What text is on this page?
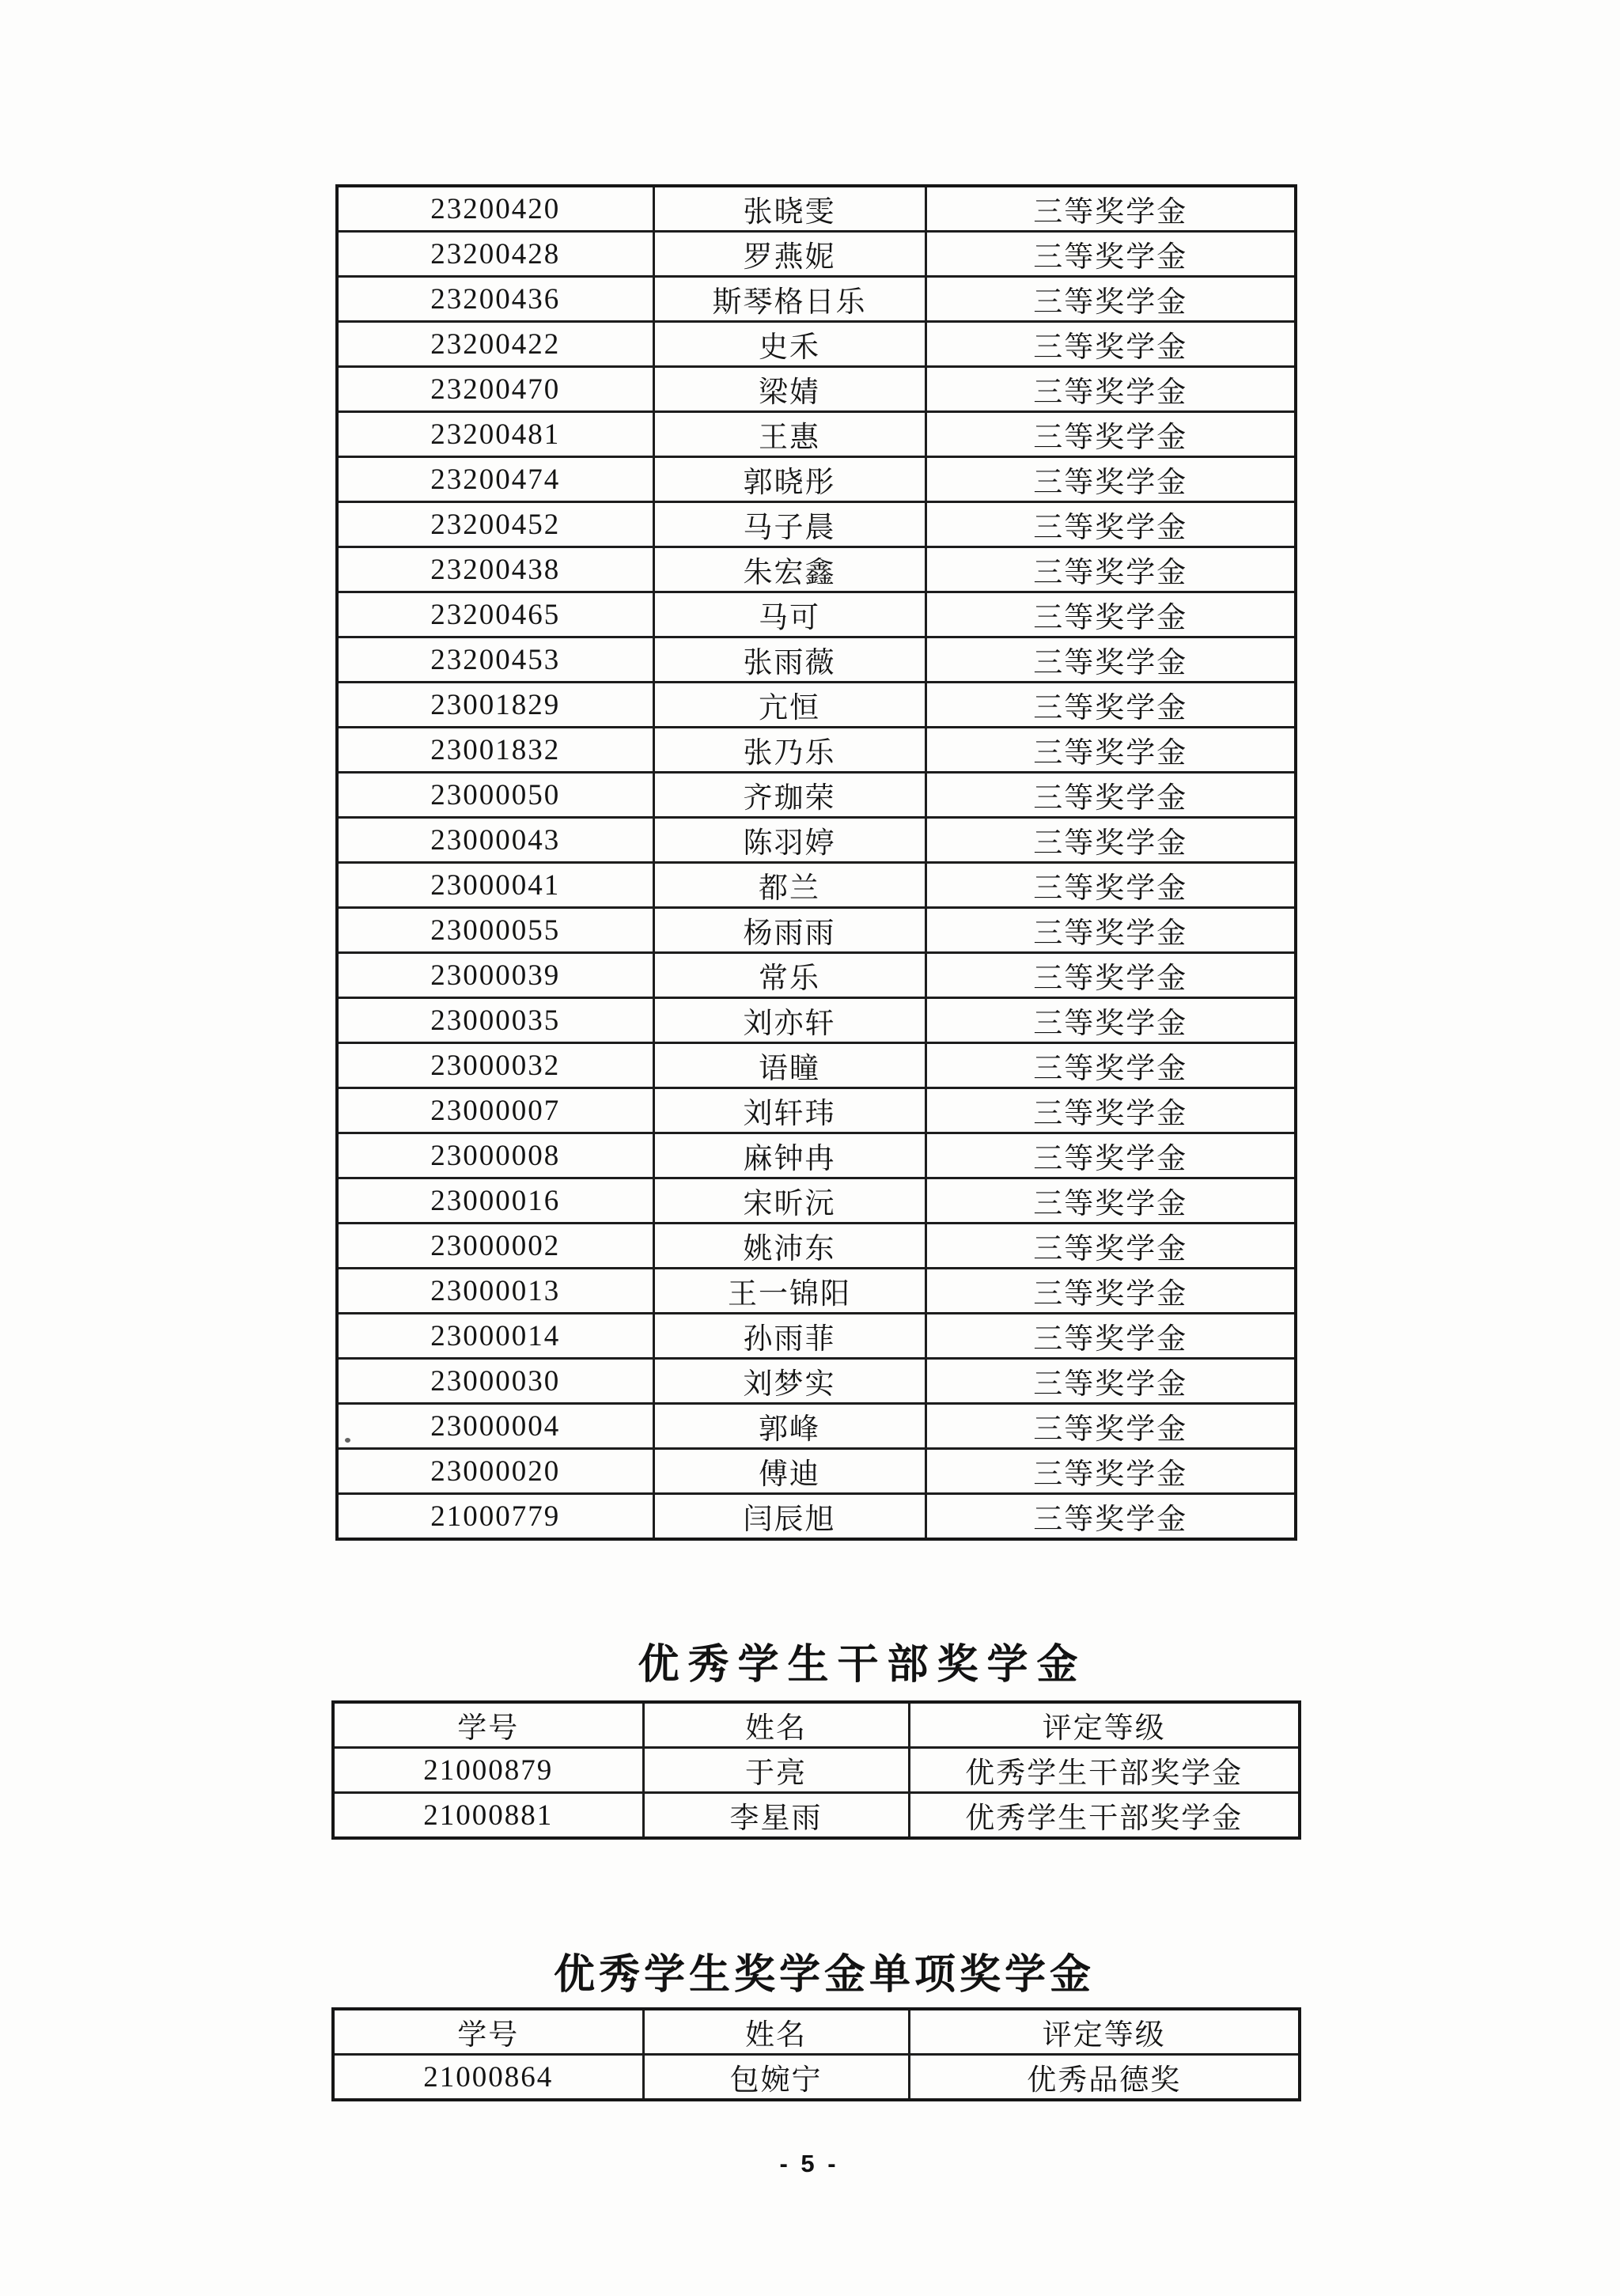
23200420	张晓雯	三等奖学金
23200428	罗燕妮	三等奖学金
23200436	斯琴格日乐	三等奖学金
23200422	史禾	三等奖学金
23200470	梁婧	三等奖学金
23200481	王惠	三等奖学金
23200474	郭晓彤	三等奖学金
23200452	马子晨	三等奖学金
23200438	朱宏鑫	三等奖学金
23200465	马可	三等奖学金
23200453	张雨薇	三等奖学金
23001829	亢恒	三等奖学金
23001832	张乃乐	三等奖学金
23000050	齐珈荣	三等奖学金
23000043	陈羽婷	三等奖学金
23000041	都兰	三等奖学金
23000055	杨雨雨	三等奖学金
23000039	常乐	三等奖学金
23000035	刘亦轩	三等奖学金
23000032	语瞳	三等奖学金
23000007	刘轩玮	三等奖学金
23000008	麻钟冉	三等奖学金
23000016	宋昕沅	三等奖学金
23000002	姚沛东	三等奖学金
23000013	王一锦阳	三等奖学金
23000014	孙雨菲	三等奖学金
23000030	刘梦实	三等奖学金
23000004	郭峰	三等奖学金
23000020	傅迪	三等奖学金
21000779	闫辰旭	三等奖学金
优秀学生干部奖学金
学号	姓名	评定等级
21000879	于亮	优秀学生干部奖学金
21000881	李星雨	优秀学生干部奖学金
优秀学生奖学金单项奖学金
学号	姓名	评定等级
21000864	包婉宁	优秀品德奖
- 5 -
